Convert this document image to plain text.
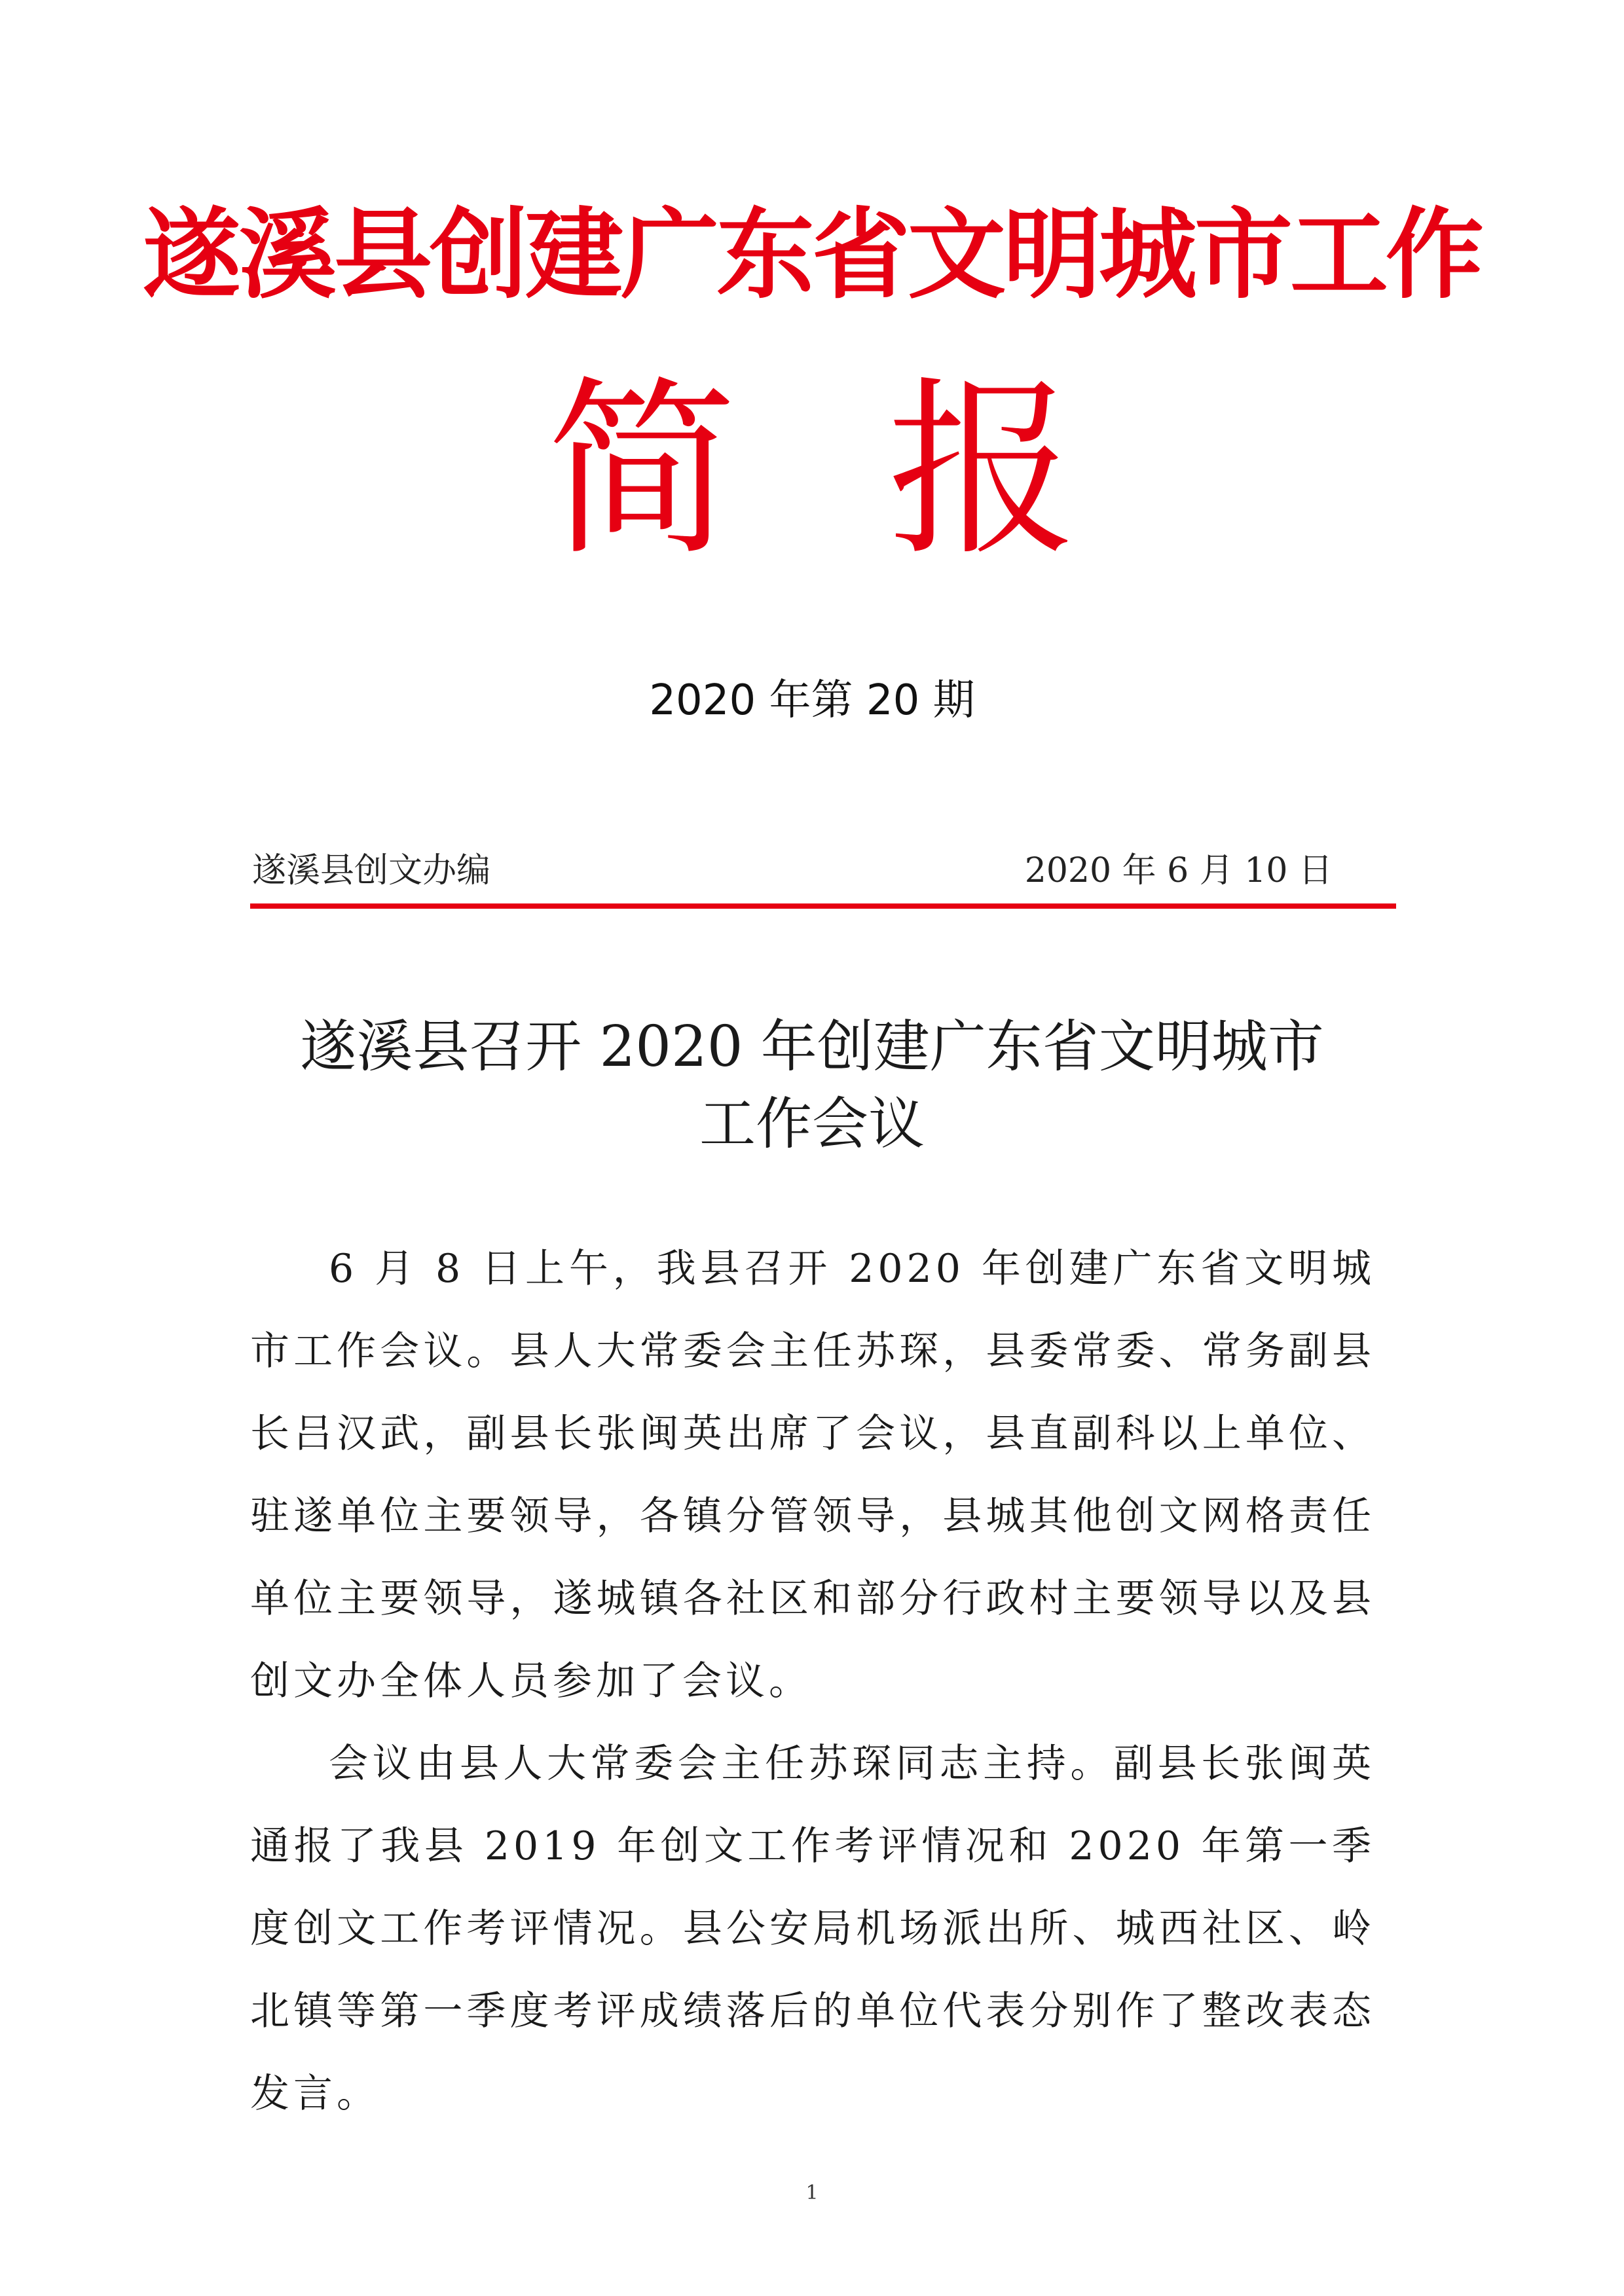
遂溪县创建广东省文明城市工作
简 报
2020 年第 20 期
遂溪县创文办编	2020 年 6 月 10 日
遂溪县召开 2020 年创建广东省文明城市
工作会议

6 月 8 日上午，我县召开 2020 年创建广东省文明城市工作会议。县人大常委会主任苏琛，县委常委、常务副县长吕汉武，副县长张闽英出席了会议，县直副科以上单位、驻遂单位主要领导，各镇分管领导，县城其他创文网格责任单位主要领导，遂城镇各社区和部分行政村主要领导以及县创文办全体人员参加了会议。

会议由县人大常委会主任苏琛同志主持。副县长张闽英通报了我县 2019 年创文工作考评情况和 2020 年第一季度创文工作考评情况。县公安局机场派出所、城西社区、岭北镇等第一季度考评成绩落后的单位代表分别作了整改表态发言。

1
